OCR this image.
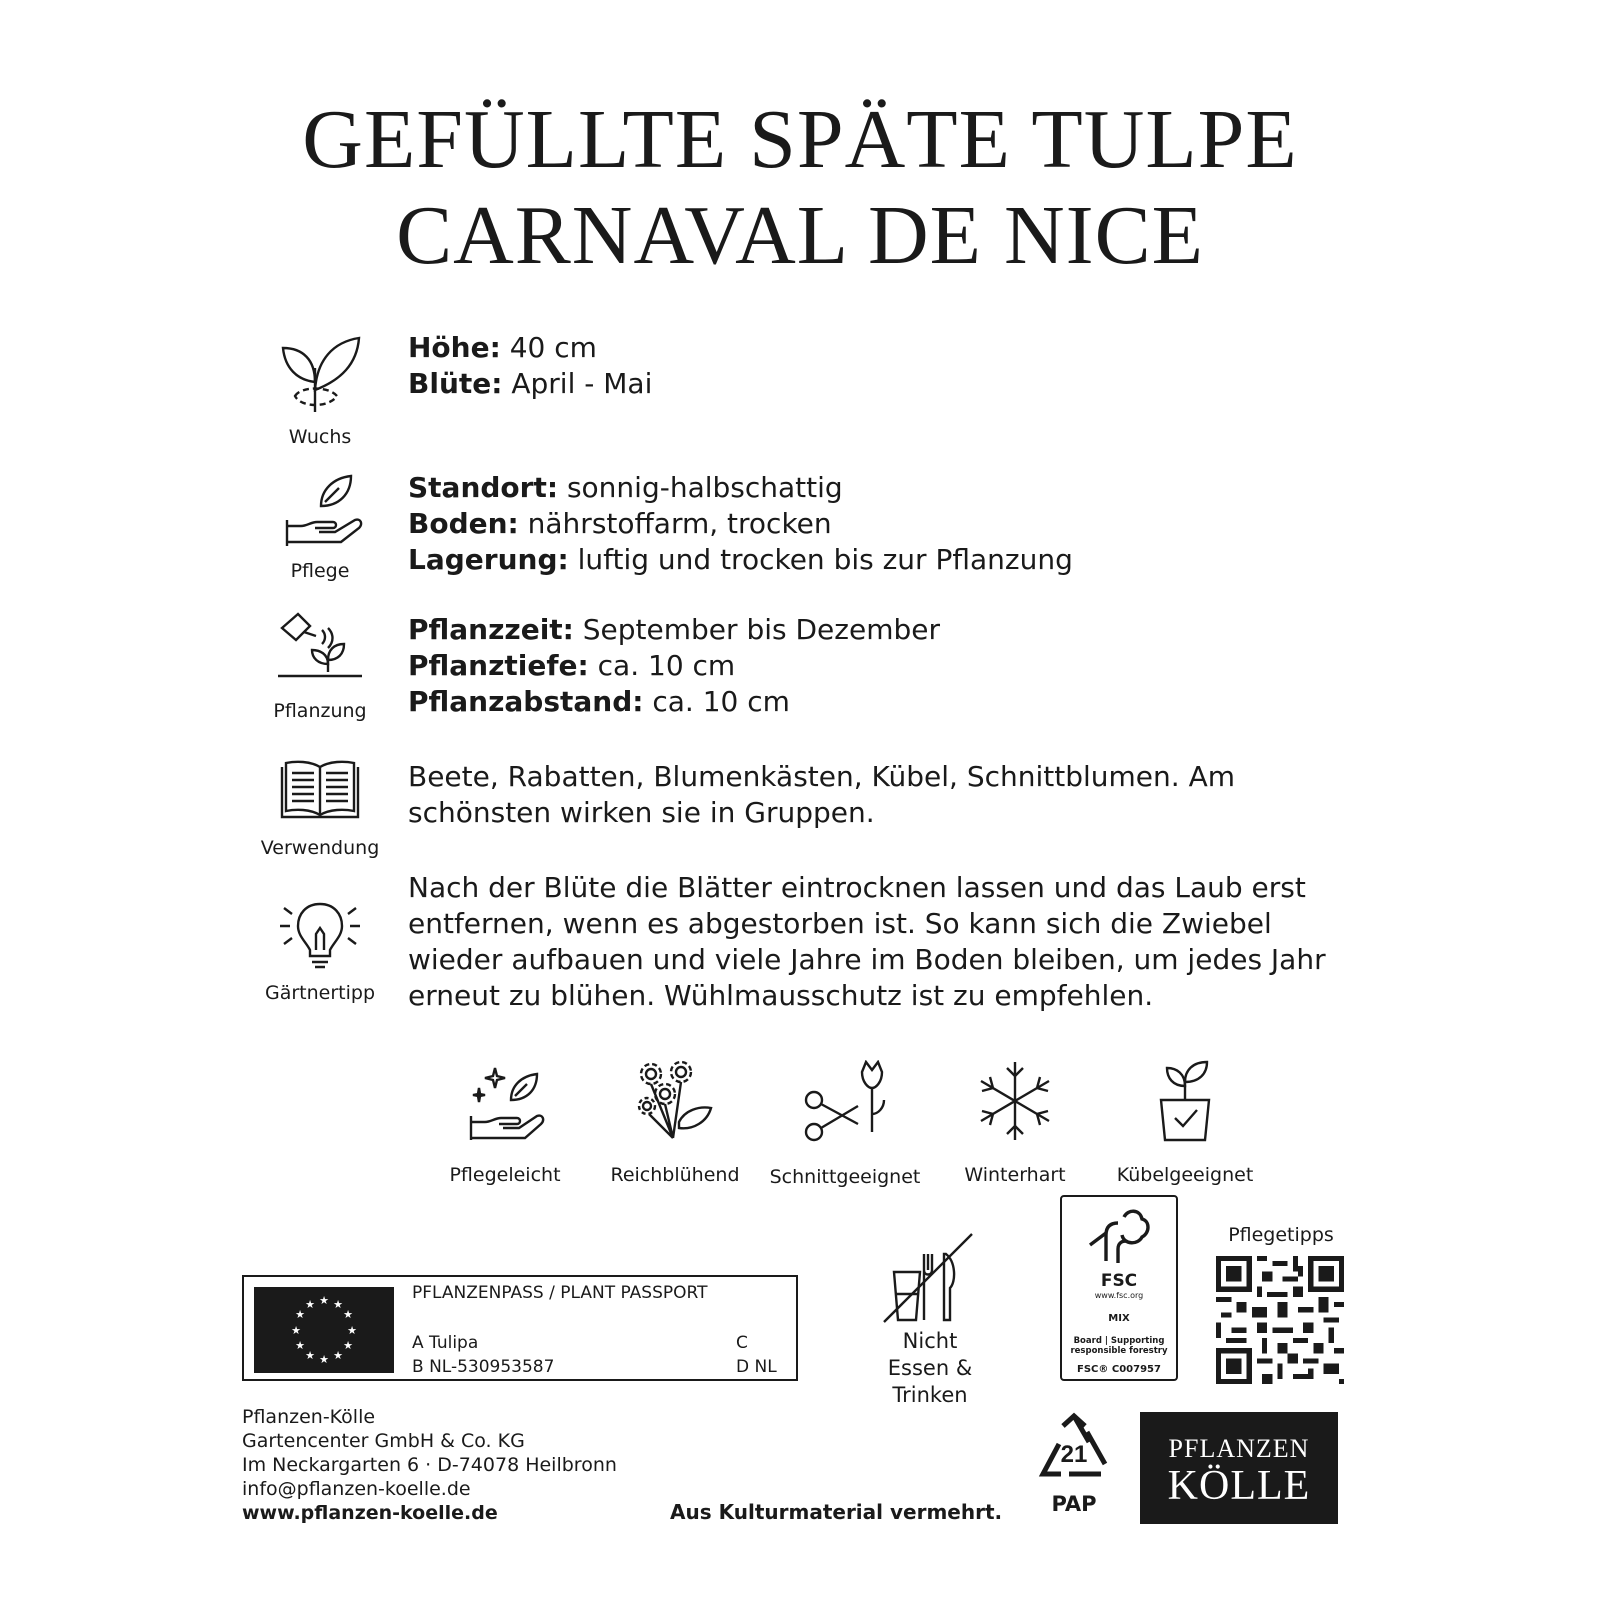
GEFÜLLTE SPÄTE TULPE
CARNAVAL DE NICE
Wuchs
Höhe: 40 cm
Blüte: April - Mai
Pflege
Standort: sonnig-halbschattig
Boden: nährstoffarm, trocken
Lagerung: luftig und trocken bis zur Pflanzung
Pflanzung
Pflanzzeit: September bis Dezember
Pflanztiefe: ca. 10 cm
Pflanzabstand: ca. 10 cm
Verwendung
Beete, Rabatten, Blumenkästen, Kübel, Schnittblumen. Am
schönsten wirken sie in Gruppen.
Gärtnertipp
Nach der Blüte die Blätter eintrocknen lassen und das Laub erst
entfernen, wenn es abgestorben ist. So kann sich die Zwiebel
wieder aufbauen und viele Jahre im Boden bleiben, um jedes Jahr
erneut zu blühen. Wühlmausschutz ist zu empfehlen.
Pflegeleicht	Reichblühend	Schnittgeeignet	Winterhart	Kübelgeeignet
★ ★
★
★
★
★
★
★
★
★
★
★
PFLANZENPASS / PLANT PASSPORT
A Tulipa
B NL-530953587
C
D NL
Nicht
Essen & Trinken
FSC
www.fsc.org
MIX
Board | Supporting
responsible forestry
FSC® C007957
Pflegetipps
Pflanzen-Kölle
Gartencenter GmbH & Co. KG
Im Neckargarten 6 · D-74078 Heilbronn
info@pflanzen-koelle.de
www.pflanzen-koelle.de	Aus Kulturmaterial vermehrt.
21
PAP
PFLANZEN
KÖLLE
